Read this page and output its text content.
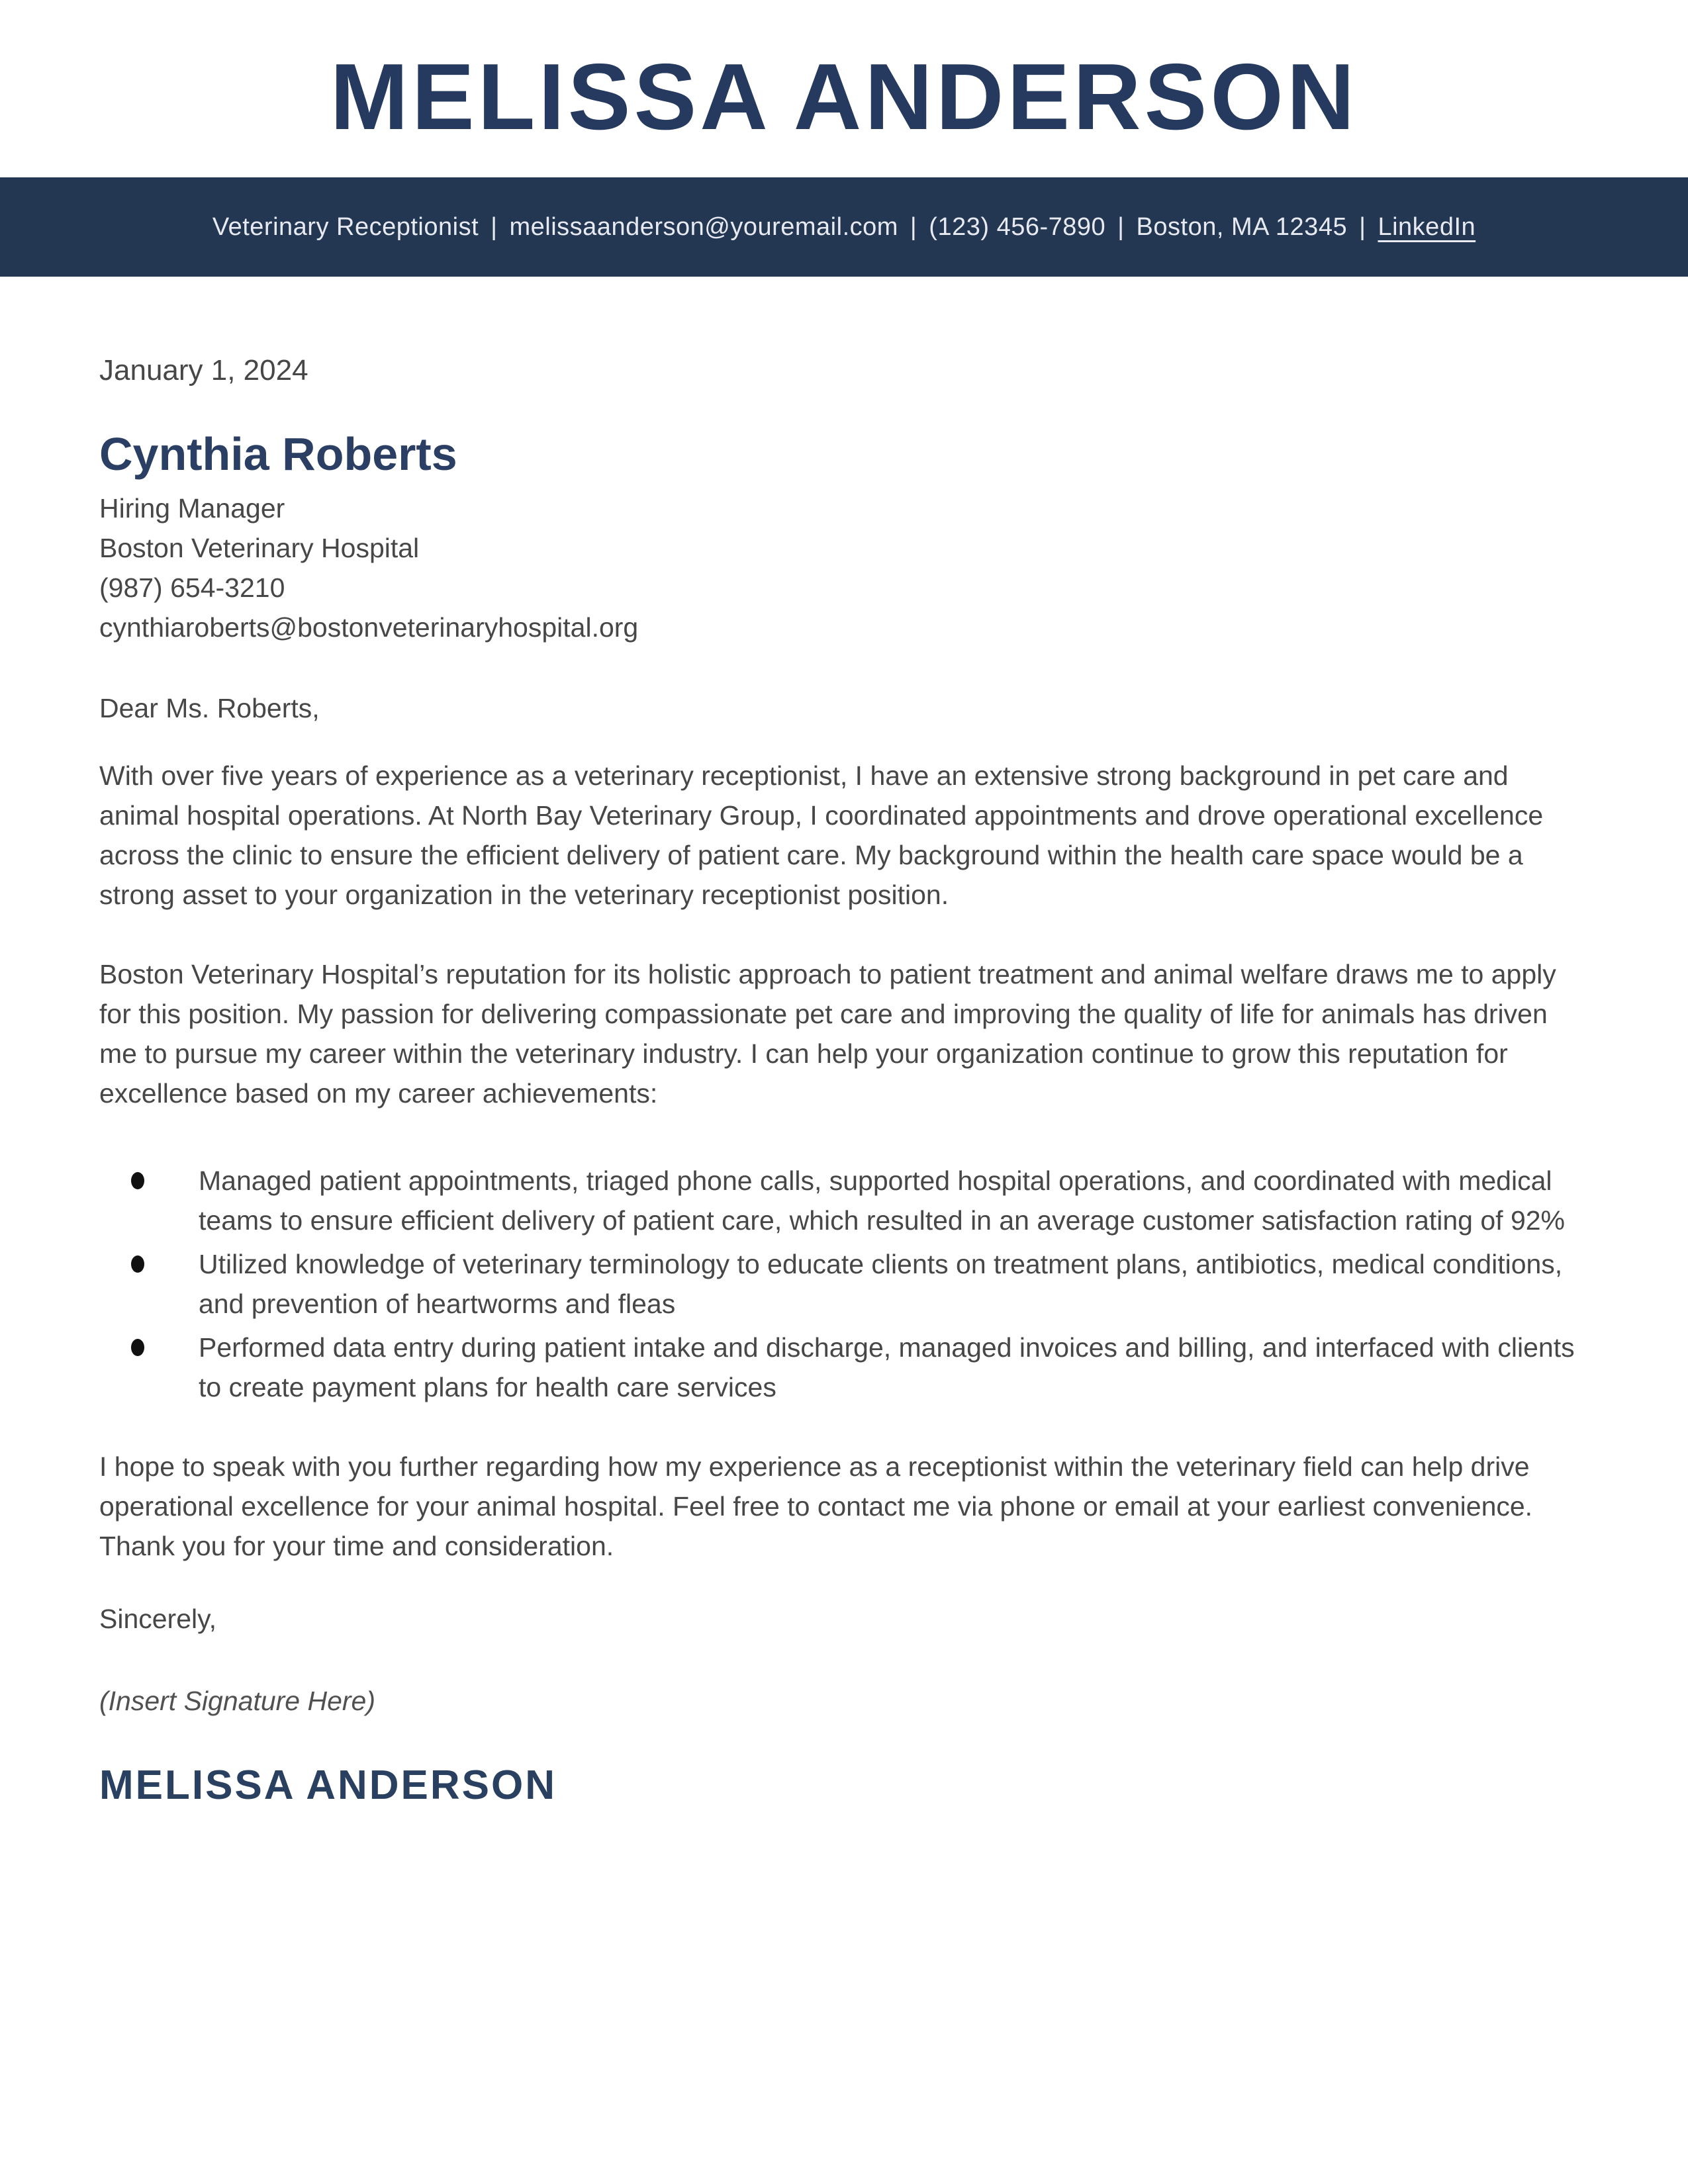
MELISSA ANDERSON
Veterinary Receptionist | melissaanderson@youremail.com | (123) 456-7890 | Boston, MA 12345 | LinkedIn

January 1, 2024

Cynthia Roberts

Hiring Manager

Boston Veterinary Hospital

(987) 654-3210

cynthiaroberts@bostonveterinaryhospital.org

Dear Ms. Roberts,

With over five years of experience as a veterinary receptionist, I have an extensive strong background in pet care and animal hospital operations. At North Bay Veterinary Group, I coordinated appointments and drove operational excellence across the clinic to ensure the efficient delivery of patient care. My background within the health care space would be a strong asset to your organization in the veterinary receptionist position.

Boston Veterinary Hospital’s reputation for its holistic approach to patient treatment and animal welfare draws me to apply for this position. My passion for delivering compassionate pet care and improving the quality of life for animals has driven me to pursue my career within the veterinary industry. I can help your organization continue to grow this reputation for excellence based on my career achievements:

Managed patient appointments, triaged phone calls, supported hospital operations, and coordinated with medical teams to ensure efficient delivery of patient care, which resulted in an average customer satisfaction rating of 92%
Utilized knowledge of veterinary terminology to educate clients on treatment plans, antibiotics, medical conditions, and prevention of heartworms and fleas
Performed data entry during patient intake and discharge, managed invoices and billing, and interfaced with clients to create payment plans for health care services

I hope to speak with you further regarding how my experience as a receptionist within the veterinary field can help drive operational excellence for your animal hospital. Feel free to contact me via phone or email at your earliest convenience. Thank you for your time and consideration.

Sincerely,

(Insert Signature Here)

MELISSA ANDERSON
